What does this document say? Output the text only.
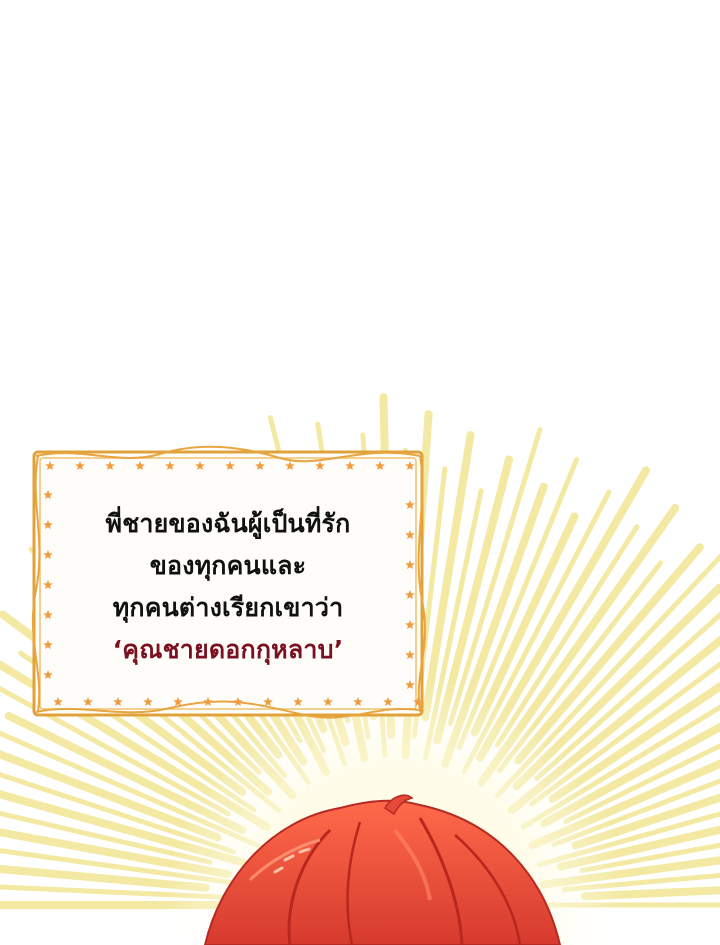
พี่ชายของฉันผู้เป็นที่รัก
ของทุกคนและ
ทุกคนต่างเรียกเขาว่า
‘คุณชายดอกกุหลาบ’
